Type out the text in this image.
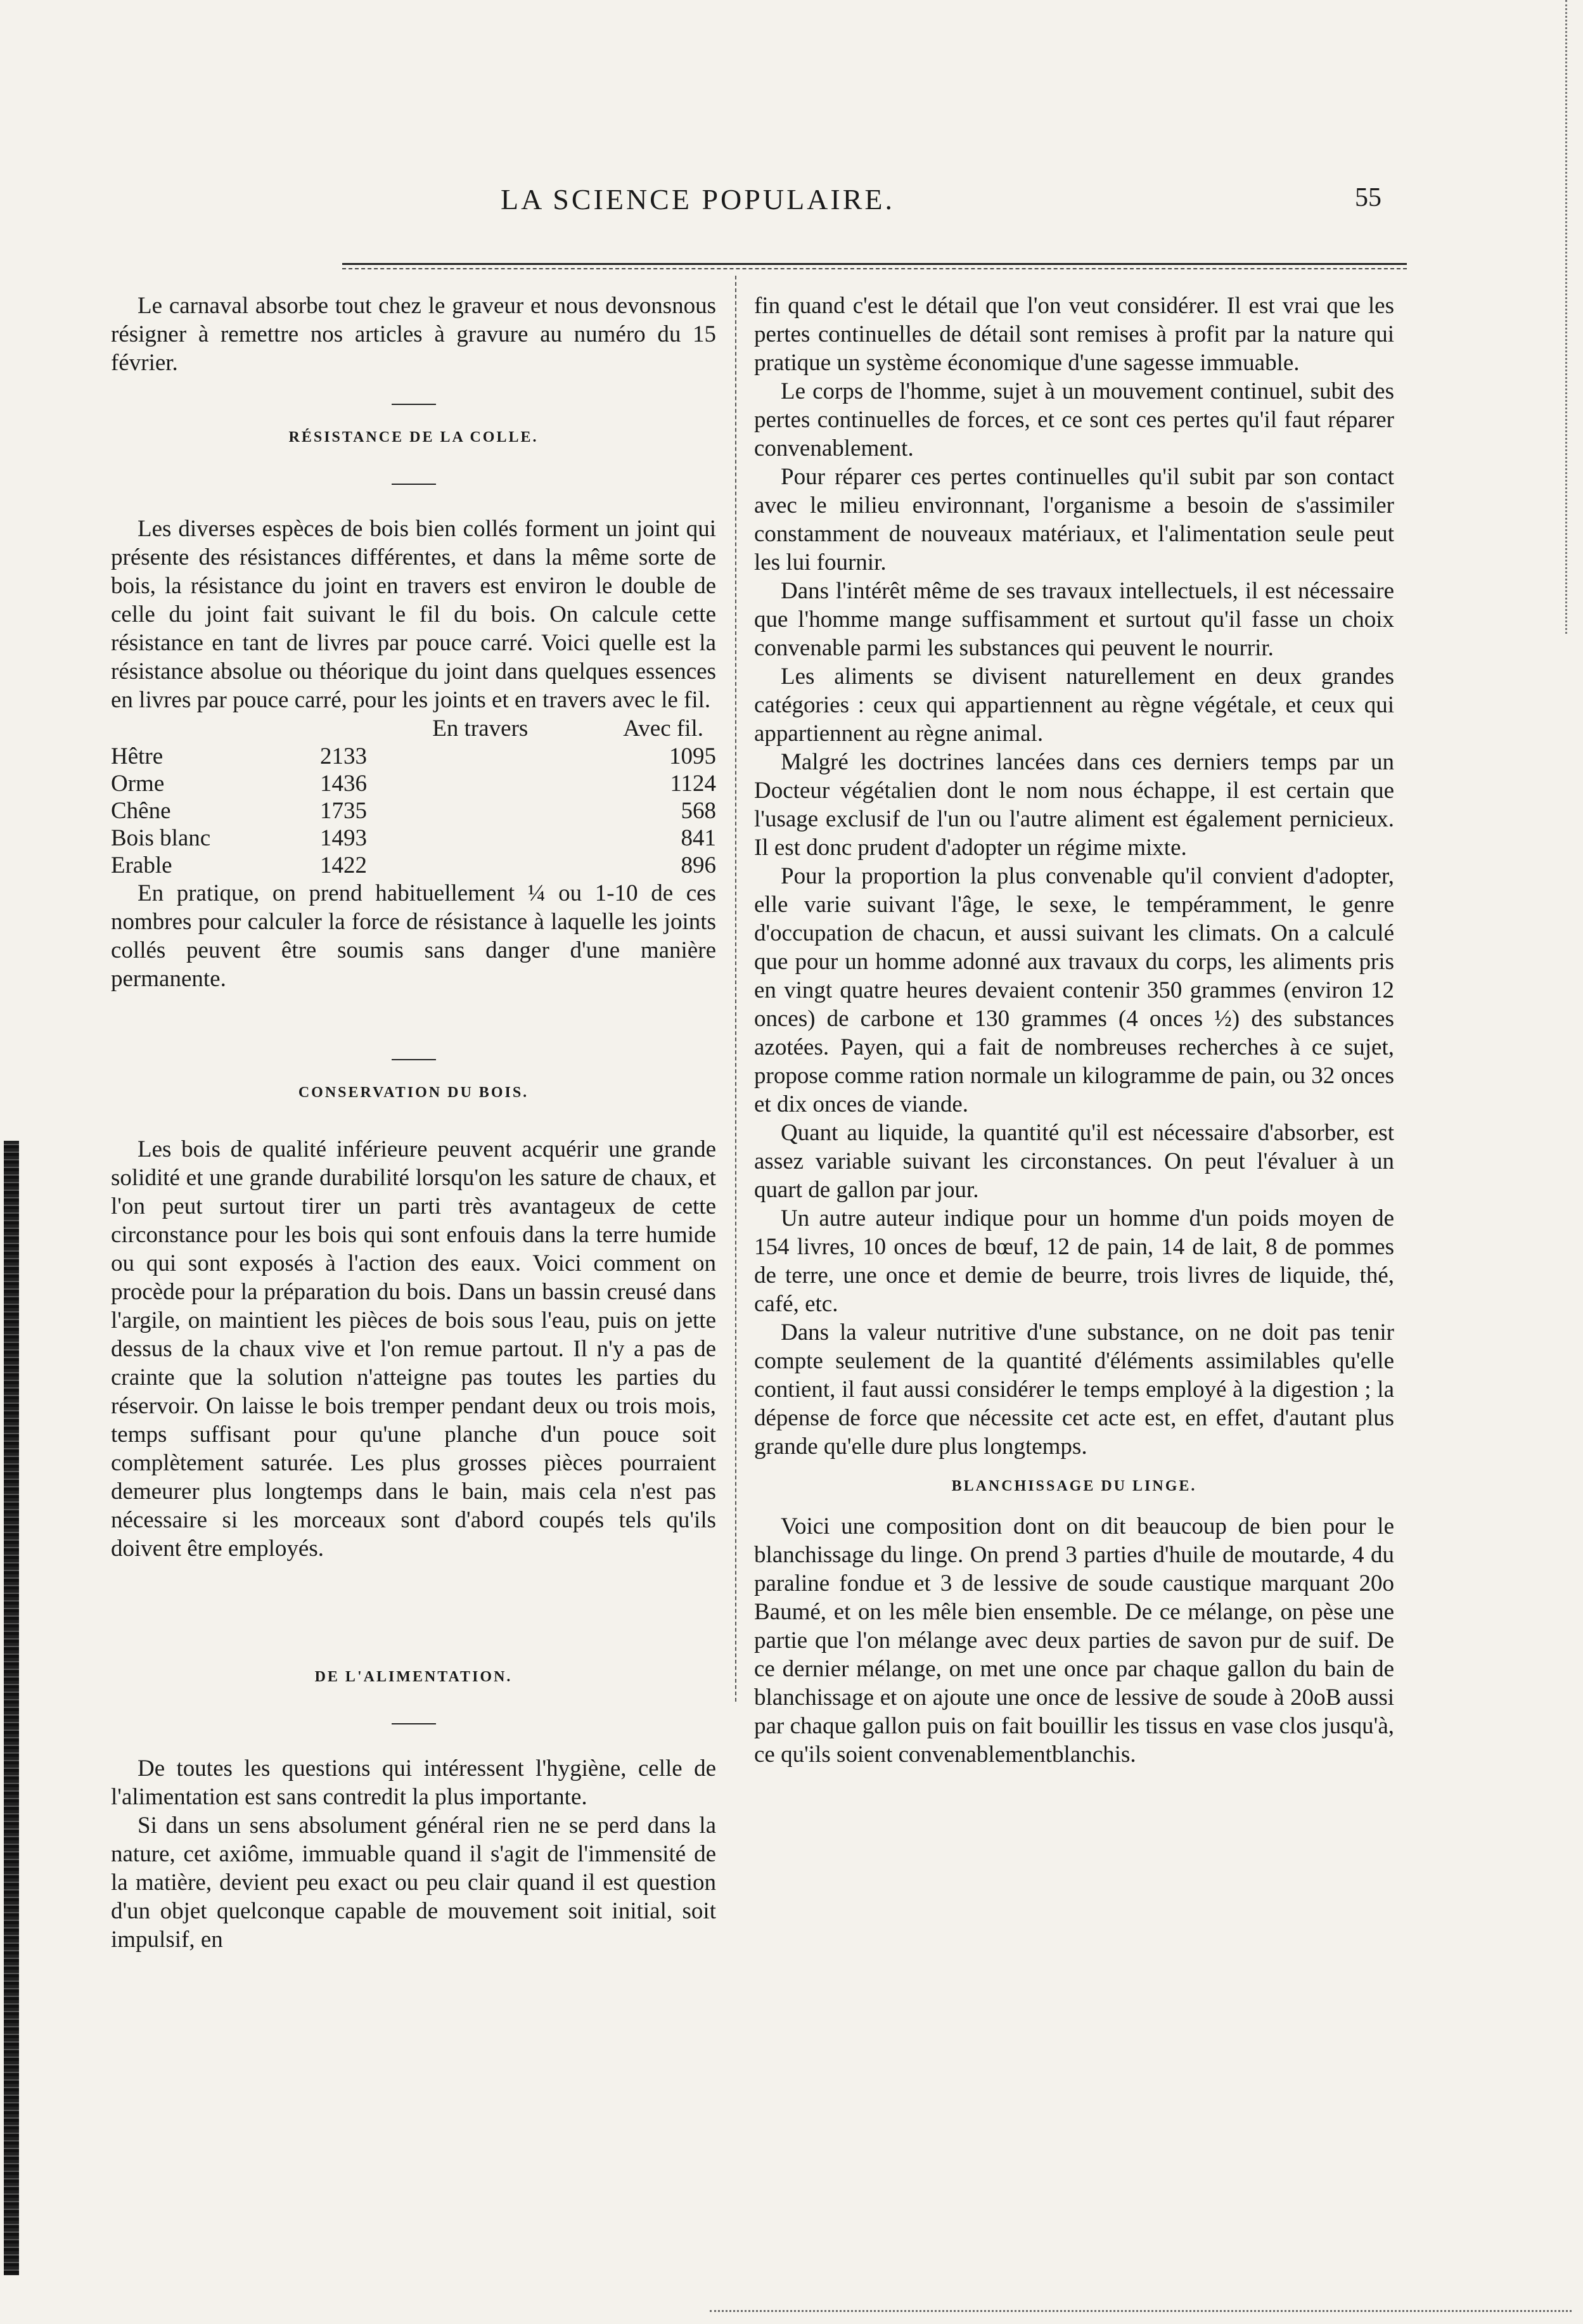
LA SCIENCE POPULAIRE.	55

Le carnaval absorbe tout chez le graveur et nous devonsnous résigner à remettre nos articles à gravure au numéro du 15 février.

RÉSISTANCE DE LA COLLE.

Les diverses espèces de bois bien collés forment un joint qui présente des résistances différentes, et dans la même sorte de bois, la résistance du joint en travers est environ le double de celle du joint fait suivant le fil du bois. On calcule cette résistance en tant de livres par pouce carré. Voici quelle est la résistance absolue ou théorique du joint dans quelques essences en livres par pouce carré, pour les joints et en travers avec le fil.

En travers	Avec fil.
Hêtre	2133	1095
Orme	1436	1124
Chêne	1735	568
Bois blanc	1493	841
Erable	1422	896

En pratique, on prend habituellement ¼ ou 1-10 de ces nombres pour calculer la force de résistance à laquelle les joints collés peuvent être soumis sans danger d'une manière permanente.

CONSERVATION DU BOIS.

Les bois de qualité inférieure peuvent acquérir une grande solidité et une grande durabilité lorsqu'on les sature de chaux, et l'on peut surtout tirer un parti très avantageux de cette circonstance pour les bois qui sont enfouis dans la terre humide ou qui sont exposés à l'action des eaux. Voici comment on procède pour la préparation du bois. Dans un bassin creusé dans l'argile, on maintient les pièces de bois sous l'eau, puis on jette dessus de la chaux vive et l'on remue partout. Il n'y a pas de crainte que la solution n'atteigne pas toutes les parties du réservoir. On laisse le bois tremper pendant deux ou trois mois, temps suffisant pour qu'une planche d'un pouce soit complètement saturée. Les plus grosses pièces pourraient demeurer plus longtemps dans le bain, mais cela n'est pas nécessaire si les morceaux sont d'abord coupés tels qu'ils doivent être employés.

DE L'ALIMENTATION.

De toutes les questions qui intéressent l'hygiène, celle de l'alimentation est sans contredit la plus importante.

Si dans un sens absolument général rien ne se perd dans la nature, cet axiôme, immuable quand il s'agit de l'immensité de la matière, devient peu exact ou peu clair quand il est question d'un objet quelconque capable de mouvement soit initial, soit impulsif, en

fin quand c'est le détail que l'on veut considérer. Il est vrai que les pertes continuelles de détail sont remises à profit par la nature qui pratique un système économique d'une sagesse immuable.

Le corps de l'homme, sujet à un mouvement continuel, subit des pertes continuelles de forces, et ce sont ces pertes qu'il faut réparer convenablement.

Pour réparer ces pertes continuelles qu'il subit par son contact avec le milieu environnant, l'organisme a besoin de s'assimiler constamment de nouveaux matériaux, et l'alimentation seule peut les lui fournir.

Dans l'intérêt même de ses travaux intellectuels, il est nécessaire que l'homme mange suffisamment et surtout qu'il fasse un choix convenable parmi les substances qui peuvent le nourrir.

Les aliments se divisent naturellement en deux grandes catégories : ceux qui appartiennent au règne végétale, et ceux qui appartiennent au règne animal.

Malgré les doctrines lancées dans ces derniers temps par un Docteur végétalien dont le nom nous échappe, il est certain que l'usage exclusif de l'un ou l'autre aliment est également pernicieux. Il est donc prudent d'adopter un régime mixte.

Pour la proportion la plus convenable qu'il convient d'adopter, elle varie suivant l'âge, le sexe, le tempéramment, le genre d'occupation de chacun, et aussi suivant les climats. On a calculé que pour un homme adonné aux travaux du corps, les aliments pris en vingt quatre heures devaient contenir 350 grammes (environ 12 onces) de carbone et 130 grammes (4 onces ½) des substances azotées. Payen, qui a fait de nombreuses recherches à ce sujet, propose comme ration normale un kilogramme de pain, ou 32 onces et dix onces de viande.

Quant au liquide, la quantité qu'il est nécessaire d'absorber, est assez variable suivant les circonstances. On peut l'évaluer à un quart de gallon par jour.

Un autre auteur indique pour un homme d'un poids moyen de 154 livres, 10 onces de bœuf, 12 de pain, 14 de lait, 8 de pommes de terre, une once et demie de beurre, trois livres de liquide, thé, café, etc.

Dans la valeur nutritive d'une substance, on ne doit pas tenir compte seulement de la quantité d'éléments assimilables qu'elle contient, il faut aussi considérer le temps employé à la digestion ; la dépense de force que nécessite cet acte est, en effet, d'autant plus grande qu'elle dure plus longtemps.

BLANCHISSAGE DU LINGE.

Voici une composition dont on dit beaucoup de bien pour le blanchissage du linge. On prend 3 parties d'huile de moutarde, 4 du paraline fondue et 3 de lessive de soude caustique marquant 20o Baumé, et on les mêle bien ensemble. De ce mélange, on pèse une partie que l'on mélange avec deux parties de savon pur de suif. De ce dernier mélange, on met une once par chaque gallon du bain de blanchissage et on ajoute une once de lessive de soude à 20oB aussi par chaque gallon puis on fait bouillir les tissus en vase clos jusqu'à, ce qu'ils soient convenablementblanchis.
